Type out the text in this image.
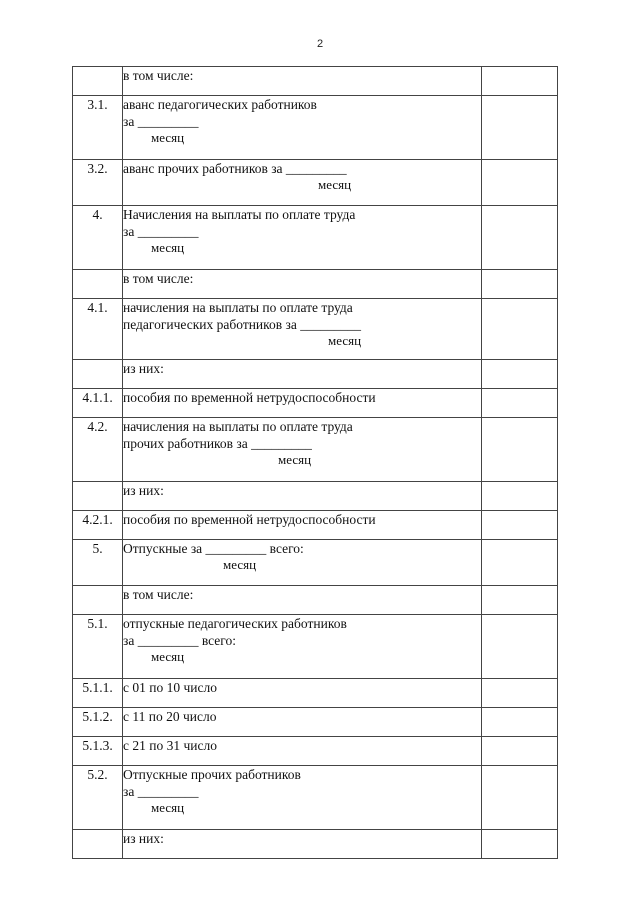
2

	в том числе:	

3.1.	аванс педагогических работников
за _________
месяц	

3.2.	аванс прочих работников за _________
месяц	

4.	Начисления на выплаты по оплате труда
за _________
месяц	

	в том числе:	

4.1.	начисления на выплаты по оплате труда
педагогических работников за _________
месяц	

	из них:	

4.1.1.	пособия по временной нетрудоспособности	

4.2.	начисления на выплаты по оплате труда
прочих работников за _________
месяц	

	из них:	

4.2.1.	пособия по временной нетрудоспособности	

5.	Отпускные за _________ всего:
месяц	

	в том числе:	

5.1.	отпускные педагогических работников
за _________ всего:
месяц	

5.1.1.	с 01 по 10 число	

5.1.2.	с 11 по 20 число	

5.1.3.	с 21 по 31 число	

5.2.	Отпускные прочих работников
за _________
месяц	

	из них:	
